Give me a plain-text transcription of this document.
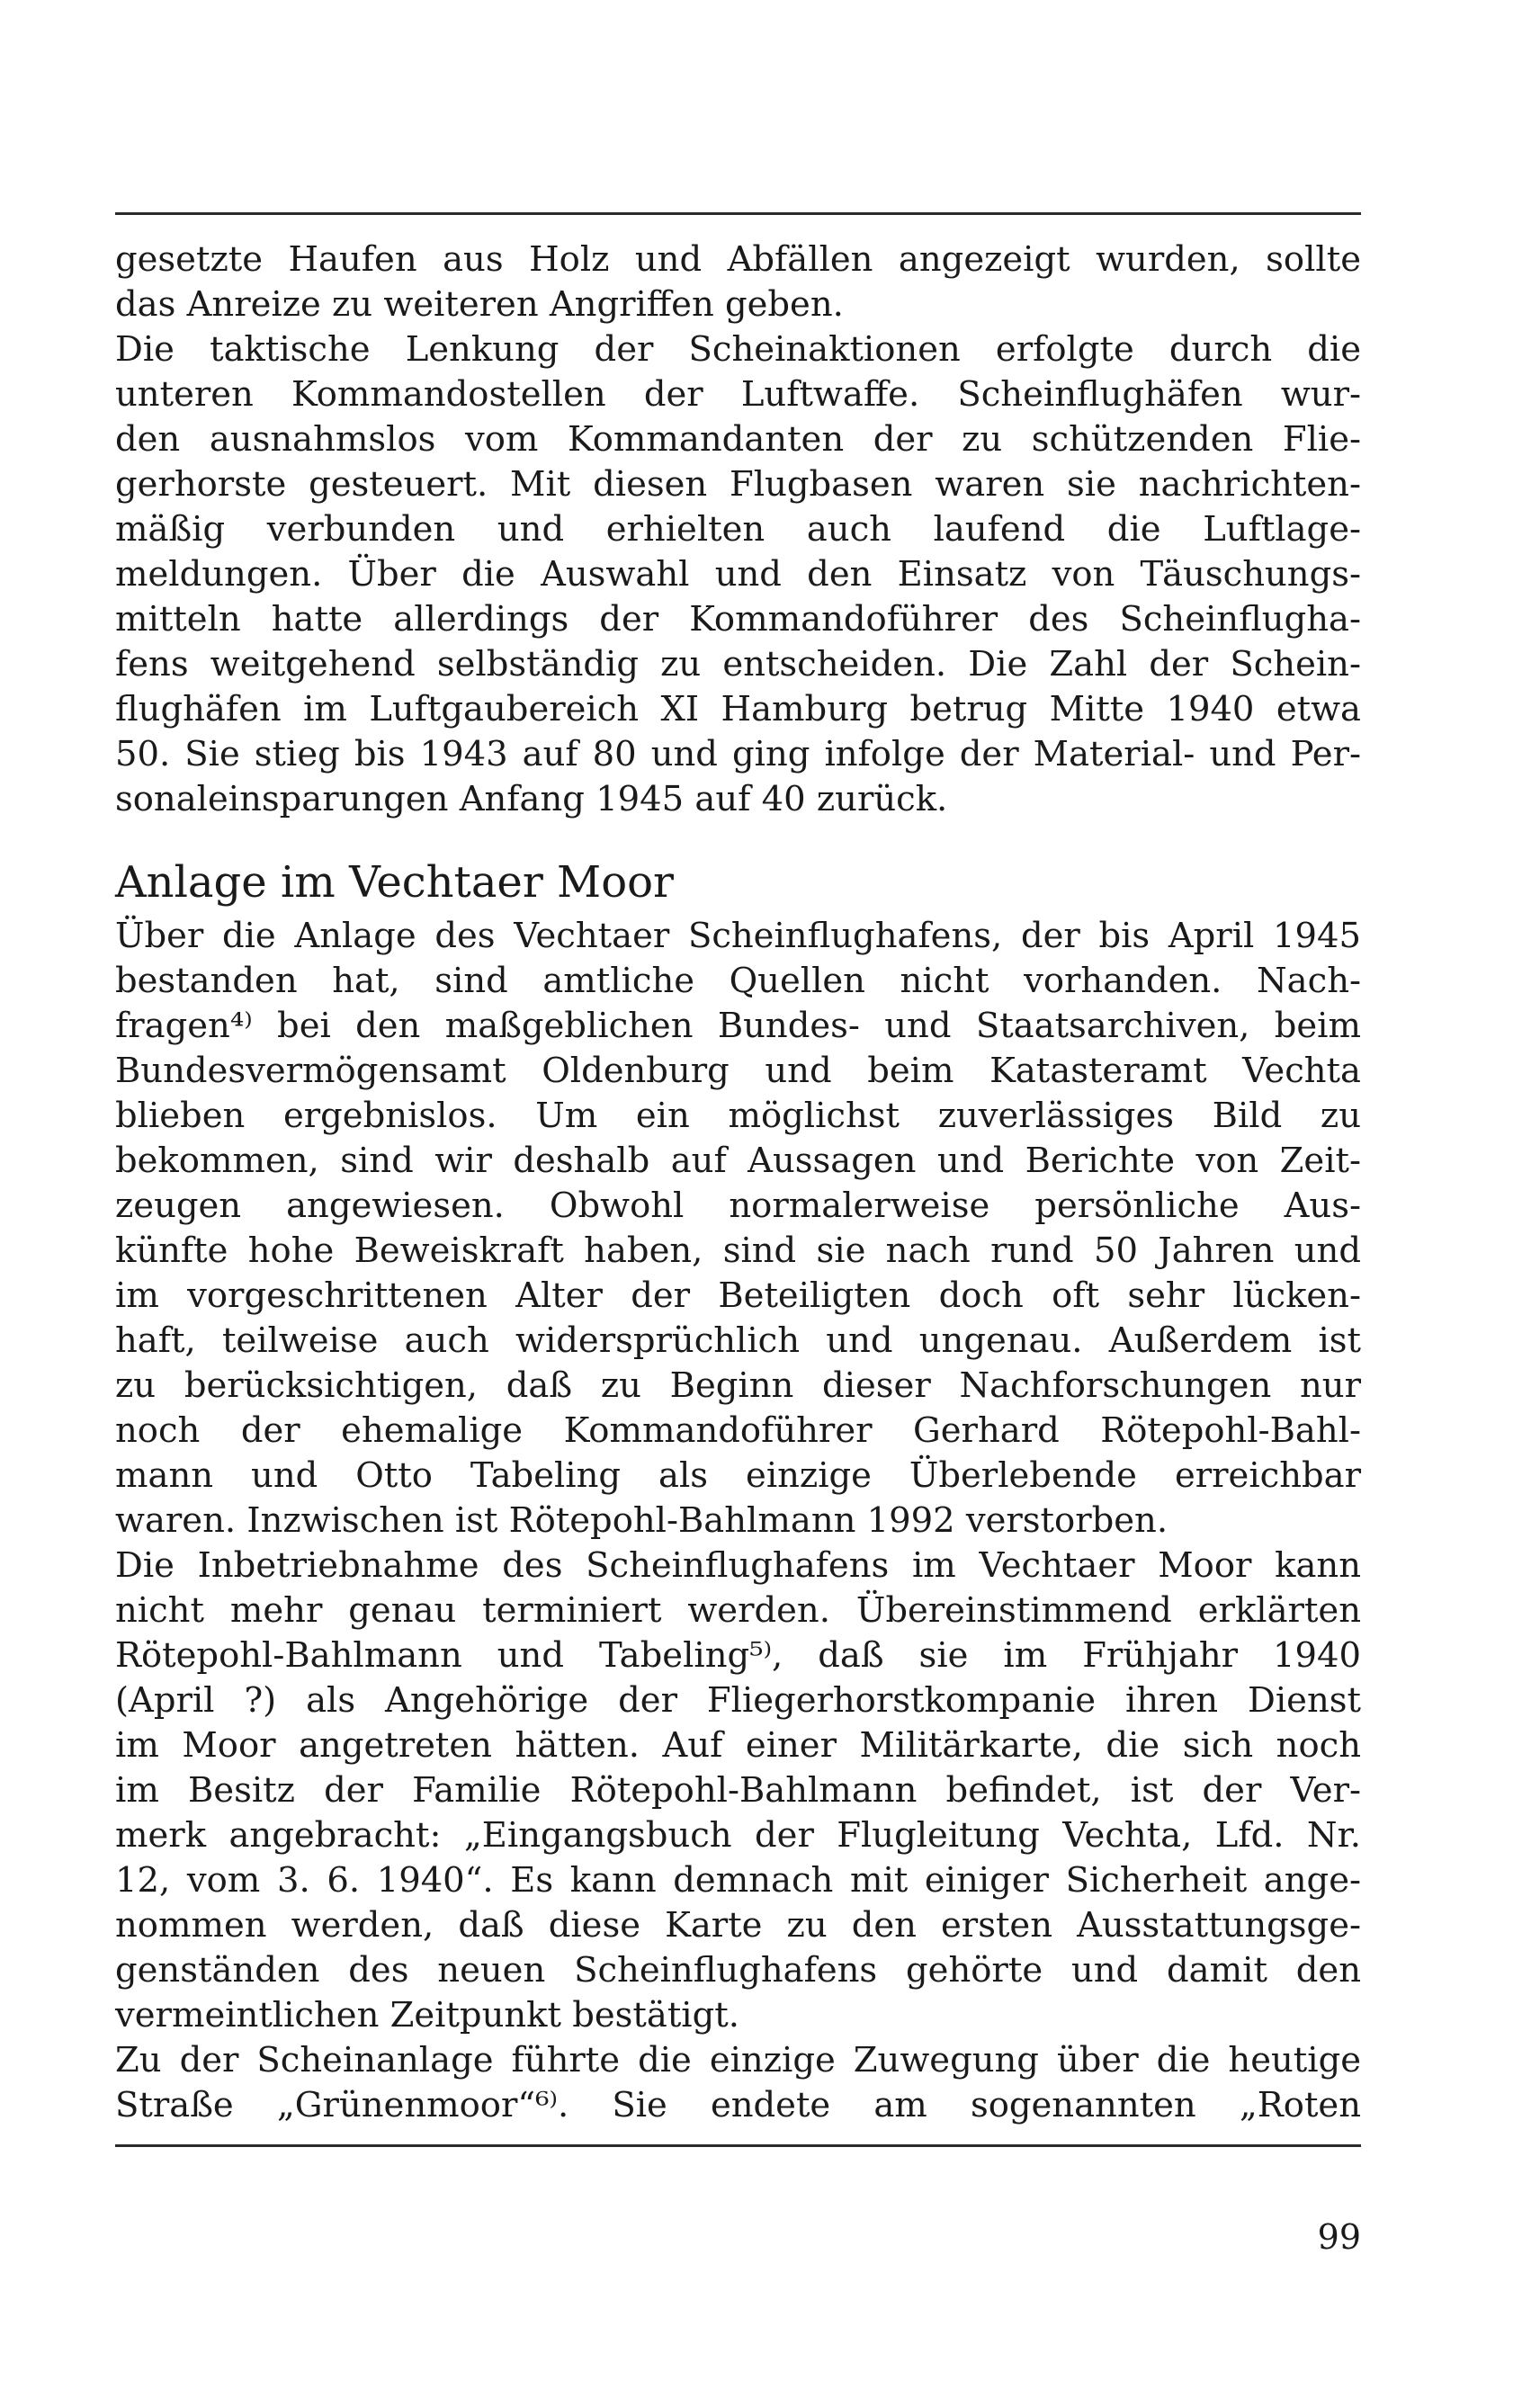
gesetzte Haufen aus Holz und Abfällen angezeigt wurden, sollte
das Anreize zu weiteren Angriffen geben.
Die taktische Lenkung der Scheinaktionen erfolgte durch die
unteren Kommandostellen der Luftwaffe. Scheinflughäfen wur-
den ausnahmslos vom Kommandanten der zu schützenden Flie-
gerhorste gesteuert. Mit diesen Flugbasen waren sie nachrichten-
mäßig verbunden und erhielten auch laufend die Luftlage-
meldungen. Über die Auswahl und den Einsatz von Täuschungs-
mitteln hatte allerdings der Kommandoführer des Scheinflugha-
fens weitgehend selbständig zu entscheiden. Die Zahl der Schein-
flughäfen im Luftgaubereich XI Hamburg betrug Mitte 1940 etwa
50. Sie stieg bis 1943 auf 80 und ging infolge der Material- und Per-
sonaleinsparungen Anfang 1945 auf 40 zurück.
Anlage im Vechtaer Moor
Über die Anlage des Vechtaer Scheinflughafens, der bis April 1945
bestanden hat, sind amtliche Quellen nicht vorhanden. Nach-
fragen⁴⁾ bei den maßgeblichen Bundes- und Staatsarchiven, beim
Bundesvermögensamt Oldenburg und beim Katasteramt Vechta
blieben ergebnislos. Um ein möglichst zuverlässiges Bild zu
bekommen, sind wir deshalb auf Aussagen und Berichte von Zeit-
zeugen angewiesen. Obwohl normalerweise persönliche Aus-
künfte hohe Beweiskraft haben, sind sie nach rund 50 Jahren und
im vorgeschrittenen Alter der Beteiligten doch oft sehr lücken-
haft, teilweise auch widersprüchlich und ungenau. Außerdem ist
zu berücksichtigen, daß zu Beginn dieser Nachforschungen nur
noch der ehemalige Kommandoführer Gerhard Rötepohl-Bahl-
mann und Otto Tabeling als einzige Überlebende erreichbar
waren. Inzwischen ist Rötepohl-Bahlmann 1992 verstorben.
Die Inbetriebnahme des Scheinflughafens im Vechtaer Moor kann
nicht mehr genau terminiert werden. Übereinstimmend erklärten
Rötepohl-Bahlmann und Tabeling⁵⁾, daß sie im Frühjahr 1940
(April ?) als Angehörige der Fliegerhorstkompanie ihren Dienst
im Moor angetreten hätten. Auf einer Militärkarte, die sich noch
im Besitz der Familie Rötepohl-Bahlmann befindet, ist der Ver-
merk angebracht: „Eingangsbuch der Flugleitung Vechta, Lfd. Nr.
12, vom 3. 6. 1940“. Es kann demnach mit einiger Sicherheit ange-
nommen werden, daß diese Karte zu den ersten Ausstattungsge-
genständen des neuen Scheinflughafens gehörte und damit den
vermeintlichen Zeitpunkt bestätigt.
Zu der Scheinanlage führte die einzige Zuwegung über die heutige
Straße „Grünenmoor“⁶⁾. Sie endete am sogenannten „Roten
99
